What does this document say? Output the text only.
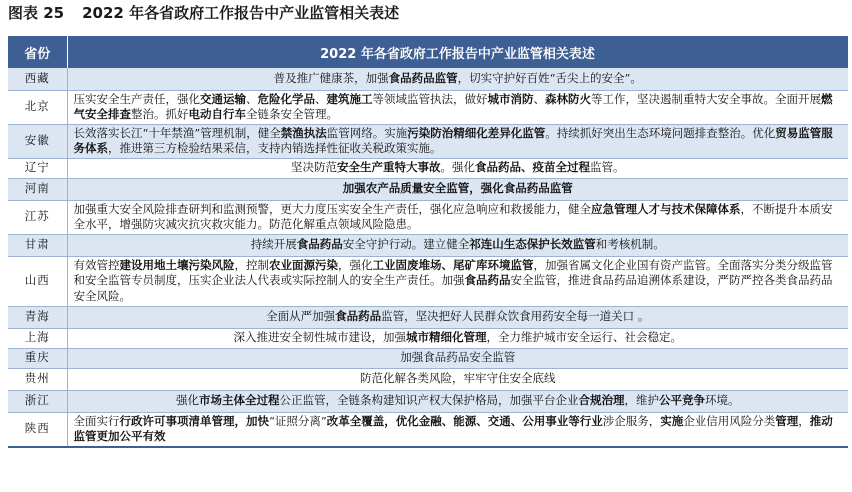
图表 25 2022 年各省政府工作报告中产业监管相关表述
省份	2022 年各省政府工作报告中产业监管相关表述
西藏	普及推广健康茶，加强食品药品监管，切实守护好百姓“舌尖上的安全”。
北京	压实安全生产责任，强化交通运输、危险化学品、建筑施工等领域监管执法，做好城市消防、森林防火等工作，坚决遏制重特大安全事故。全面开展燃气安全排查整治。抓好电动自行车全链条安全管理。
安徽	长效落实长江“十年禁渔”管理机制，健全禁渔执法监管网络。实施污染防治精细化差异化监管。持续抓好突出生态环境问题排查整治。优化贸易监管服务体系，推进第三方检验结果采信，支持内销选择性征收关税政策实施。
辽宁	坚决防范安全生产重特大事故。强化食品药品、疫苗全过程监管。
河南	加强农产品质量安全监管，强化食品药品监管
江苏	加强重大安全风险排查研判和监测预警，更大力度压实安全生产责任，强化应急响应和救援能力，健全应急管理人才与技术保障体系，不断提升本质安全水平，增强防灾减灾抗灾救灾能力。防范化解重点领域风险隐患。
甘肃	持续开展食品药品安全守护行动。建立健全祁连山生态保护长效监管和考核机制。
山西	有效管控建设用地土壤污染风险，控制农业面源污染，强化工业固废堆场、尾矿库环境监管，加强省属文化企业国有资产监管。全面落实分类分级监管和安全监管专员制度，压实企业法人代表或实际控制人的安全生产责任。加强食品药品安全监管，推进食品药品追溯体系建设，严防严控各类食品药品安全风险。
青海	全面从严加强食品药品监管，坚决把好人民群众饮食用药安全每一道关口 。
上海	深入推进安全韧性城市建设，加强城市精细化管理，全力维护城市安全运行、社会稳定。
重庆	加强食品药品安全监管
贵州	防范化解各类风险，牢牢守住安全底线
浙江	强化市场主体全过程公正监管，全链条构建知识产权大保护格局，加强平台企业合规治理，维护公平竞争环境。
陕西	全面实行行政许可事项清单管理，加快“证照分离”改革全覆盖，优化金融、能源、交通、公用事业等行业涉企服务，实施企业信用风险分类管理，推动监管更加公平有效
